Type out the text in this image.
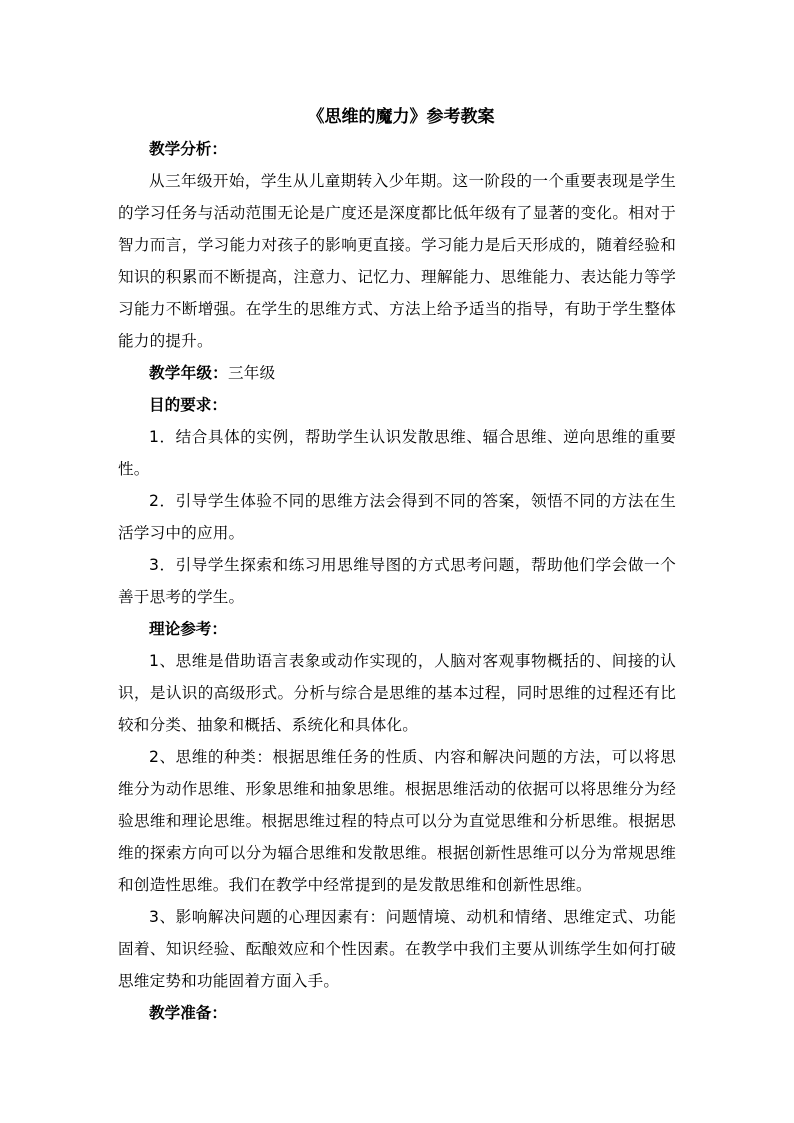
《思维的魔力》参考教案

教学分析：

从三年级开始，学生从儿童期转入少年期。这一阶段的一个重要表现是学生的学习任务与活动范围无论是广度还是深度都比低年级有了显著的变化。相对于智力而言，学习能力对孩子的影响更直接。学习能力是后天形成的，随着经验和知识的积累而不断提高，注意力、记忆力、理解能力、思维能力、表达能力等学习能力不断增强。在学生的思维方式、方法上给予适当的指导，有助于学生整体能力的提升。

教学年级：三年级

目的要求：

1．结合具体的实例，帮助学生认识发散思维、辐合思维、逆向思维的重要性。

2．引导学生体验不同的思维方法会得到不同的答案，领悟不同的方法在生活学习中的应用。

3．引导学生探索和练习用思维导图的方式思考问题，帮助他们学会做一个善于思考的学生。

理论参考：

1、思维是借助语言表象或动作实现的，人脑对客观事物概括的、间接的认识，是认识的高级形式。分析与综合是思维的基本过程，同时思维的过程还有比较和分类、抽象和概括、系统化和具体化。

2、思维的种类：根据思维任务的性质、内容和解决问题的方法，可以将思维分为动作思维、形象思维和抽象思维。根据思维活动的依据可以将思维分为经验思维和理论思维。根据思维过程的特点可以分为直觉思维和分析思维。根据思维的探索方向可以分为辐合思维和发散思维。根据创新性思维可以分为常规思维和创造性思维。我们在教学中经常提到的是发散思维和创新性思维。

3、影响解决问题的心理因素有：问题情境、动机和情绪、思维定式、功能固着、知识经验、酝酿效应和个性因素。在教学中我们主要从训练学生如何打破思维定势和功能固着方面入手。

教学准备：
